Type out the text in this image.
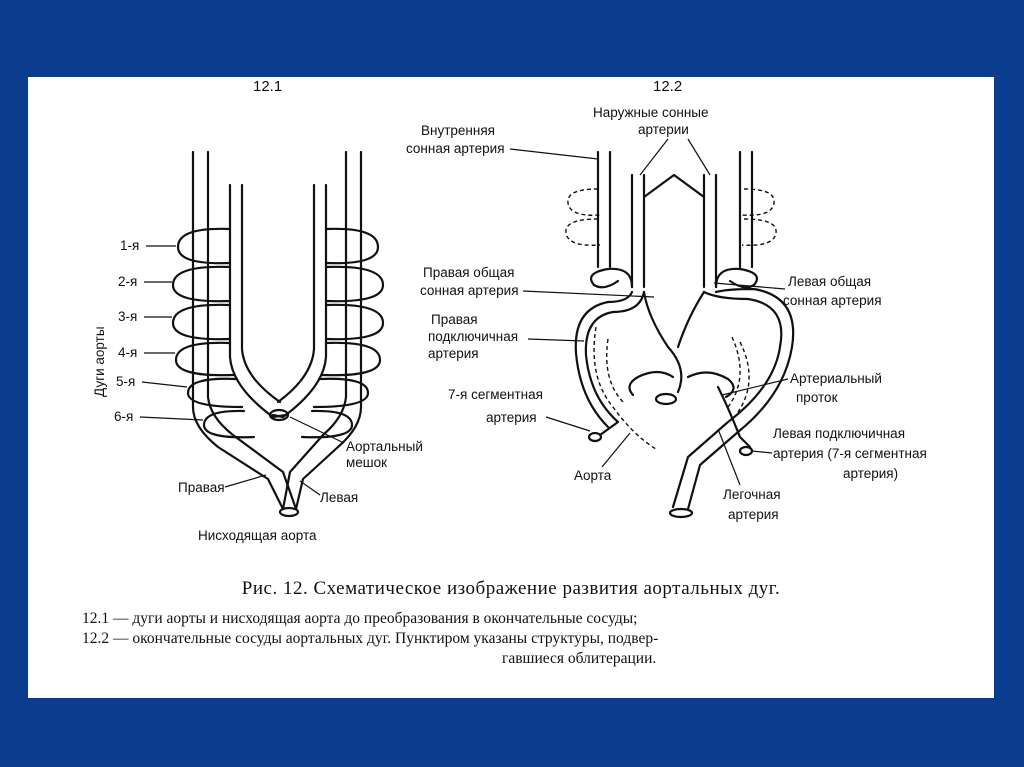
12.1	12.2
1-я
2-я
3-я
4-я
5-я
6-я
Дуги аорты
Аортальный
мешок
Правая
Левая
Нисходящая аорта
Наружные сонные
артерии
Внутренняя
сонная артерия
Правая общая
сонная артерия
Левая общая
сонная артерия
Правая
подключичная
артерия
7-я сегментная
артерия
Артериальный
проток
Левая подключичная
артерия (7-я сегментная
артерия)
Аорта
Легочная
артерия
Рис. 12. Схематическое изображение развития аортальных дуг.
12.1 — дуги аорты и нисходящая аорта до преобразования в окончательные сосуды;
12.2 — окончательные сосуды аортальных дуг. Пунктиром указаны структуры, подвер-
гавшиеся облитерации.
